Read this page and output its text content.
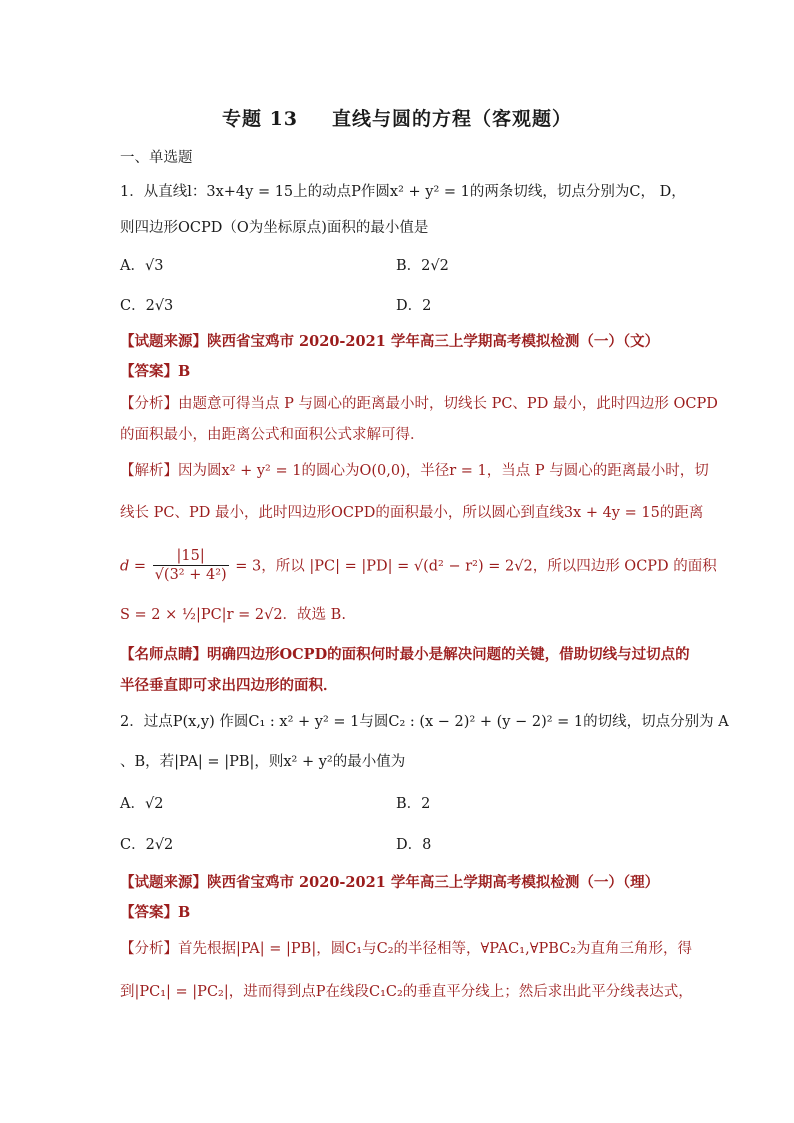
专题 13 直线与圆的方程（客观题）
一、单选题
1．从直线l：3x+4y = 15上的动点P作圆x² + y² = 1的两条切线，切点分别为C， D，
则四边形OCPD（O为坐标原点)面积的最小值是
A．√3	B．2√2
C．2√3	D．2
【试题来源】陕西省宝鸡市 2020-2021 学年高三上学期高考模拟检测（一）（文）
【答案】B
【分析】由题意可得当点 P 与圆心的距离最小时，切线长 PC、PD 最小，此时四边形 OCPD
的面积最小，由距离公式和面积公式求解可得．
【解析】因为圆x² + y² = 1的圆心为O(0,0)，半径r = 1，当点 P 与圆心的距离最小时，切
线长 PC、PD 最小，此时四边形OCPD的面积最小，所以圆心到直线3x + 4y = 15的距离
$d = \frac{|15|}{\text{√(3² + 4²)}} = 3$，所以 |PC| = |PD| = √(d² − r²) = 2√2，所以四边形 OCPD 的面积
S = 2 × ½|PC|r = 2√2．故选 B.
【名师点睛】明确四边形OCPD的面积何时最小是解决问题的关键，借助切线与过切点的
半径垂直即可求出四边形的面积．
2．过点P(x,y) 作圆C₁ : x² + y² = 1与圆C₂ : (x − 2)² + (y − 2)² = 1的切线，切点分别为 A
、B，若|PA| = |PB|，则x² + y²的最小值为
A．√2	B．2
C．2√2	D．8
【试题来源】陕西省宝鸡市 2020-2021 学年高三上学期高考模拟检测（一）（理）
【答案】B
【分析】首先根据|PA| = |PB|，圆C₁与C₂的半径相等，∀PAC₁,∀PBC₂为直角三角形，得
到|PC₁| = |PC₂|，进而得到点P在线段C₁C₂的垂直平分线上；然后求出此平分线表达式，
